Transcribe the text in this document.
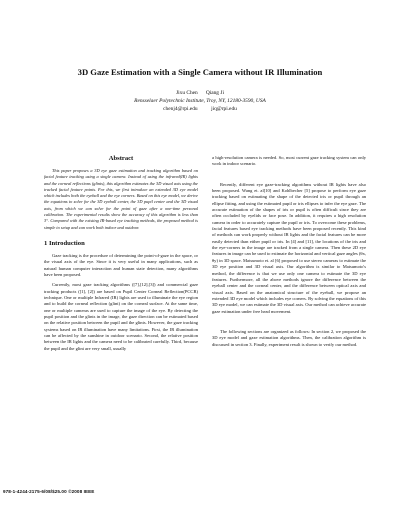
3D Gaze Estimation with a Single Camera without IR Illumination
Jixu Chen      Qiang Ji
Rensselaer Polytechnic Institute, Troy, NY, 12180-3590, USA
chenj4@rpi.edu          jiq@rpi.edu
Abstract

This paper proposes a 3D eye gaze estimation and tracking algorithm based on facial feature tracking using a single camera. Instead of using the infrared(IR) lights and the corneal reflections (glints), this algorithm estimates the 3D visual axis using the tracked facial feature points. For this, we first introduce an extended 3D eye model which includes both the eyeball and the eye corners. Based on this eye model, we derive the equations to solve for the 3D eyeball center, the 3D pupil center and the 3D visual axis, from which we can solve for the point of gaze after a one-time personal calibration. The experimental results show the accuracy of this algorithm is less than 3°. Compared with the existing IR-based eye tracking methods, the proposed method is simple to setup and can work both indoor and outdoor.

1 Introduction

Gaze tracking is the procedure of determining the point-of-gaze in the space, or the visual axis of the eye. Since it is very useful in many applications, such as natural human computer interaction and human state detection, many algorithms have been proposed.

Currently, most gaze tracking algorithms ([7],[12],[3]) and commercial gaze tracking products ([1], [2]) are based on Pupil Center Corneal Reflection(PCCR) technique. One or multiple Infrared (IR) lights are used to illuminate the eye region and to build the corneal reflection (glint) on the corneal surface. At the same time, one or multiple cameras are used to capture the image of the eye. By detecting the pupil position and the glints in the image, the gaze direction can be estimated based on the relative position between the pupil and the glints. However, the gaze tracking systems based on IR illumination have many limitations. First, the IR illumination can be affected by the sunshine in outdoor scenario. Second, the relative position between the IR lights and the camera need to be calibrated carefully. Third, because the pupil and the glint are very small, usually

a high-resolution camera is needed. So, most current gaze tracking system can only work in indoor scenario.

Recently, different eye gaze-tracking algorithms without IR lights have also been proposed. Wang et. al[10] and Kohlbecher [5] propose to perform eye gaze tracking based on estimating the shape of the detected iris or pupil through an ellipse fitting, and using the estimated pupil or iris ellipses to infer the eye gaze. The accurate estimation of the shapes of iris or pupil is often difficult since they are often occluded by eyelids or face pose. In addition, it requires a high resolution camera in order to accurately capture the pupil or iris. To overcome these problems, facial features based eye tracking methods have been proposed recently. This kind of methods can work properly without IR lights and the facial features can be more easily detected than either pupil or iris. In [4] and [11], the locations of the iris and the eye-corners in the image are tracked from a single camera. Then these 2D eye features in image can be used to estimate the horizontal and vertical gaze angles (θx, θy) in 3D space. Matsumoto et. al [6] proposed to use stereo cameras to estimate the 3D eye position and 3D visual axis. Our algorithm is similar to Matsumoto's method, the difference is that we use only one camera to estimate the 3D eye features. Furthermore, all the above methods ignore the difference between the eyeball center and the corneal center, and the difference between optical axis and visual axis. Based on the anatomical structure of the eyeball, we propose an extended 3D eye model which includes eye corners. By solving the equations of this 3D eye model, we can estimate the 3D visual axis. Our method can achieve accurate gaze estimation under free head movement.

The following sections are organized as follows: In section 2, we proposed the 3D eye model and gaze estimation algorithms. Then, the calibration algorithm is discussed in section 3. Finally, experiment result is shown to verify our method.

978-1-4244-2175-6/08/$25.00 ©2008 IEEE
